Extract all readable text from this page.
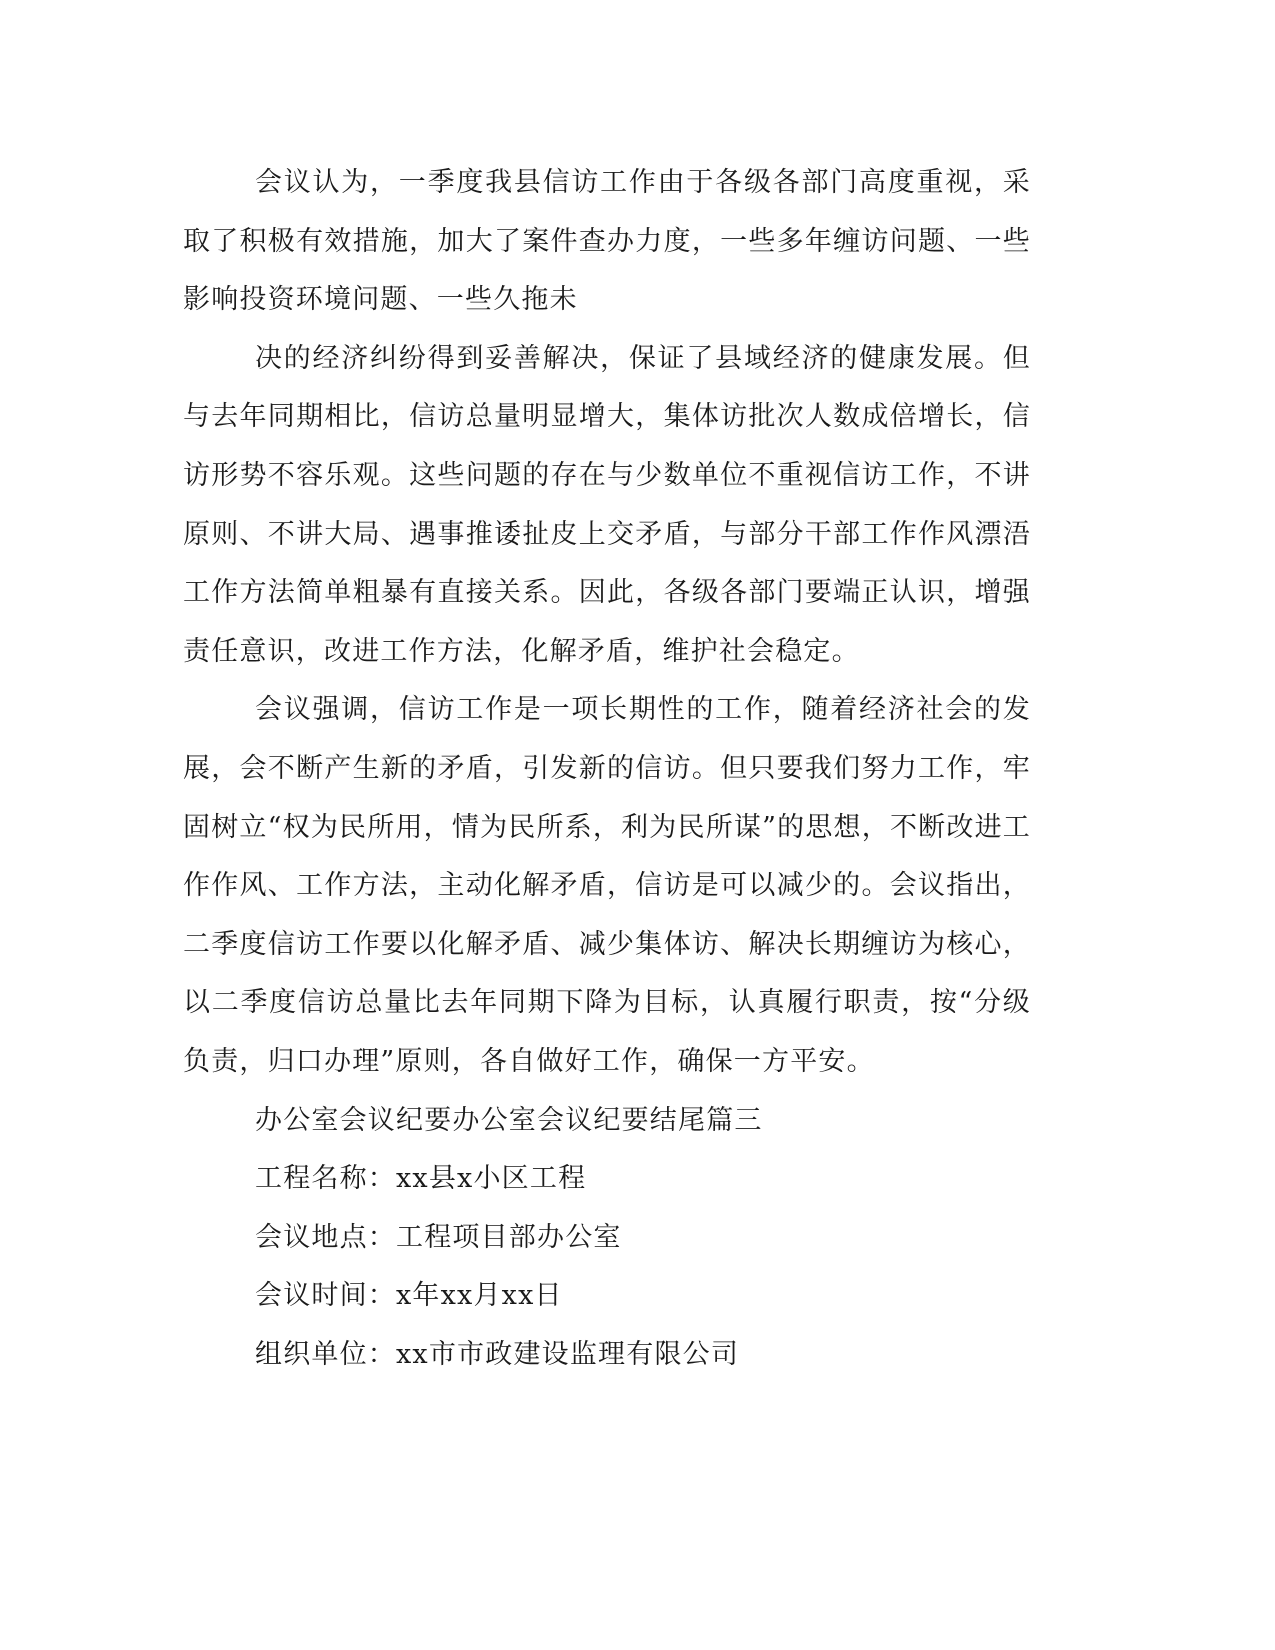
会议认为，一季度我县信访工作由于各级各部门高度重视，采取了积极有效措施，加大了案件查办力度，一些多年缠访问题、一些影响投资环境问题、一些久拖未

决的经济纠纷得到妥善解决，保证了县域经济的健康发展。但与去年同期相比，信访总量明显增大，集体访批次人数成倍增长，信访形势不容乐观。这些问题的存在与少数单位不重视信访工作，不讲原则、不讲大局、遇事推诿扯皮上交矛盾，与部分干部工作作风漂浯工作方法简单粗暴有直接关系。因此，各级各部门要端正认识，增强责任意识，改进工作方法，化解矛盾，维护社会稳定。

会议强调，信访工作是一项长期性的工作，随着经济社会的发展，会不断产生新的矛盾，引发新的信访。但只要我们努力工作，牢固树立“权为民所用，情为民所系，利为民所谋”的思想，不断改进工作作风、工作方法，主动化解矛盾，信访是可以减少的。会议指出，二季度信访工作要以化解矛盾、减少集体访、解决长期缠访为核心，以二季度信访总量比去年同期下降为目标，认真履行职责，按“分级负责，归口办理”原则，各自做好工作，确保一方平安。

办公室会议纪要办公室会议纪要结尾篇三

工程名称：xx县x小区工程

会议地点：工程项目部办公室

会议时间：x年xx月xx日

组织单位：xx市市政建设监理有限公司
